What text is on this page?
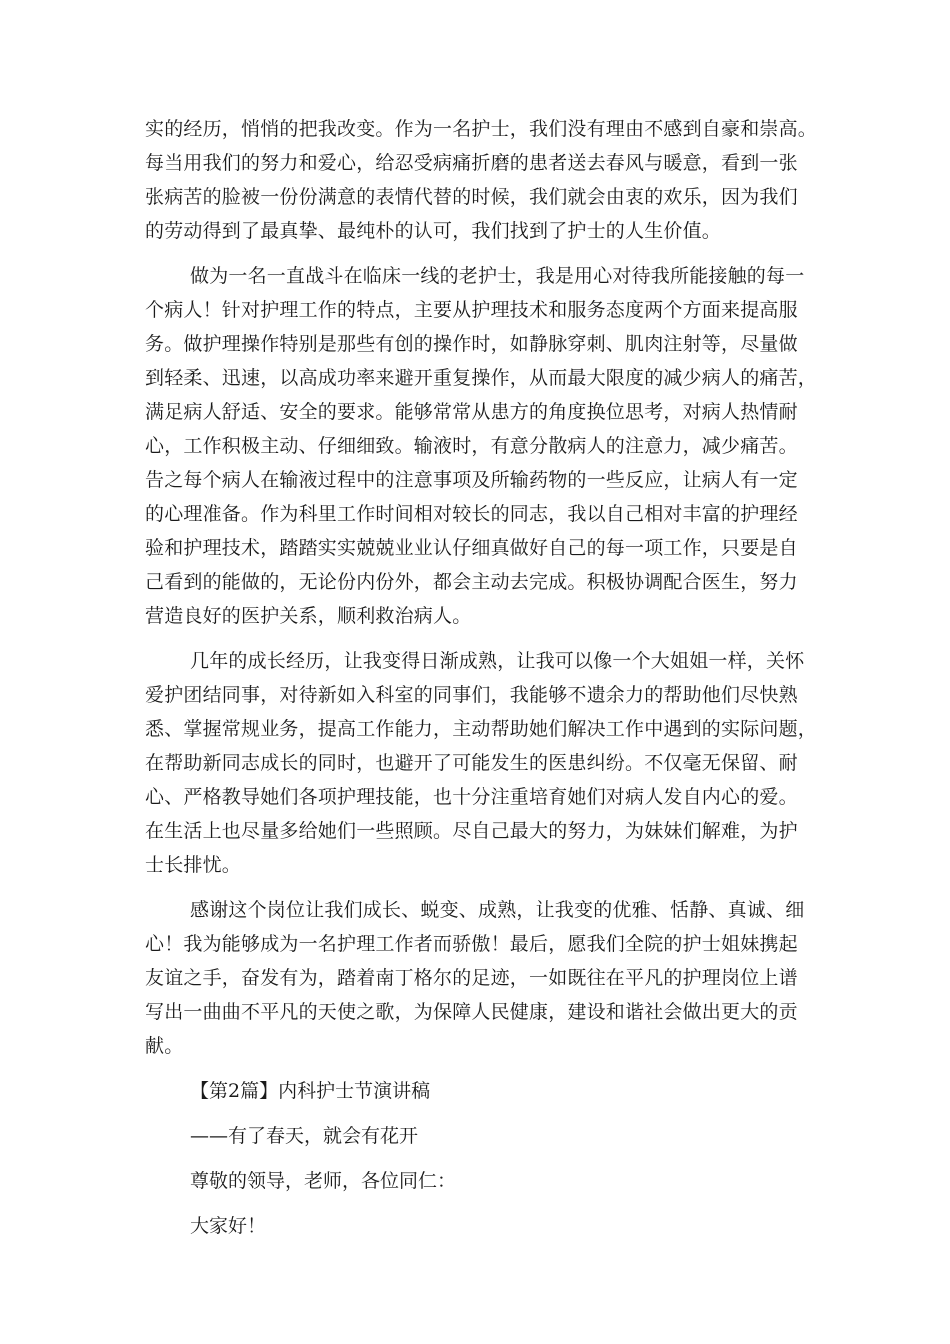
实的经历，悄悄的把我改变。作为一名护士，我们没有理由不感到自豪和崇高。
每当用我们的努力和爱心，给忍受病痛折磨的患者送去春风与暖意，看到一张
张病苦的脸被一份份满意的表情代替的时候，我们就会由衷的欢乐，因为我们
的劳动得到了最真挚、最纯朴的认可，我们找到了护士的人生价值。

做为一名一直战斗在临床一线的老护士，我是用心对待我所能接触的每一
个病人！针对护理工作的特点，主要从护理技术和服务态度两个方面来提高服
务。做护理操作特别是那些有创的操作时，如静脉穿刺、肌肉注射等，尽量做
到轻柔、迅速，以高成功率来避开重复操作，从而最大限度的减少病人的痛苦，
满足病人舒适、安全的要求。能够常常从患方的角度换位思考，对病人热情耐
心，工作积极主动、仔细细致。输液时，有意分散病人的注意力，减少痛苦。
告之每个病人在输液过程中的注意事项及所输药物的一些反应，让病人有一定
的心理准备。作为科里工作时间相对较长的同志，我以自己相对丰富的护理经
验和护理技术，踏踏实实兢兢业业认仔细真做好自己的每一项工作，只要是自
己看到的能做的，无论份内份外，都会主动去完成。积极协调配合医生，努力
营造良好的医护关系，顺利救治病人。

几年的成长经历，让我变得日渐成熟，让我可以像一个大姐姐一样，关怀
爱护团结同事，对待新如入科室的同事们，我能够不遗余力的帮助他们尽快熟
悉、掌握常规业务，提高工作能力，主动帮助她们解决工作中遇到的实际问题，
在帮助新同志成长的同时，也避开了可能发生的医患纠纷。不仅毫无保留、耐
心、严格教导她们各项护理技能，也十分注重培育她们对病人发自内心的爱。
在生活上也尽量多给她们一些照顾。尽自己最大的努力，为妹妹们解难，为护
士长排忧。

感谢这个岗位让我们成长、蜕变、成熟，让我变的优雅、恬静、真诚、细
心！我为能够成为一名护理工作者而骄傲！最后，愿我们全院的护士姐妹携起
友谊之手，奋发有为，踏着南丁格尔的足迹，一如既往在平凡的护理岗位上谱
写出一曲曲不平凡的天使之歌，为保障人民健康，建设和谐社会做出更大的贡
献。

【第2篇】内科护士节演讲稿

——有了春天，就会有花开

尊敬的领导，老师，各位同仁：

大家好！
